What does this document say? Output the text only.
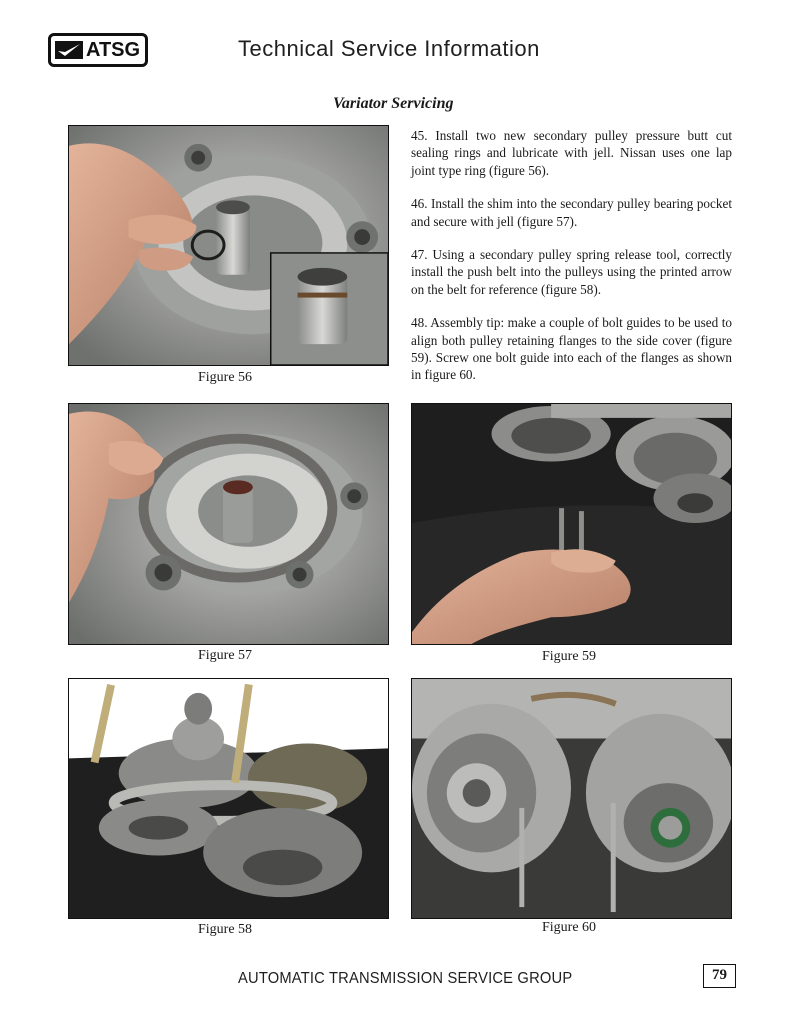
ATSG	Technical Service Information
Variator Servicing

45. Install two new secondary pulley pressure butt cut sealing rings and lubricate with jell. Nissan uses one lap joint type ring (figure 56).

46. Install the shim into the secondary pulley bearing pocket and secure with jell (figure 57).

47. Using a secondary pulley spring release tool, correctly install the push belt into the pulleys using the printed arrow on the belt for reference (figure 58).

48. Assembly tip: make a couple of bolt guides to be used to align both pulley retaining flanges to the side cover (figure 59). Screw one bolt guide into each of the flanges as shown in figure 60.

Figure 56
Figure 57	Figure 59
Figure 58	Figure 60
AUTOMATIC TRANSMISSION SERVICE GROUP	79
